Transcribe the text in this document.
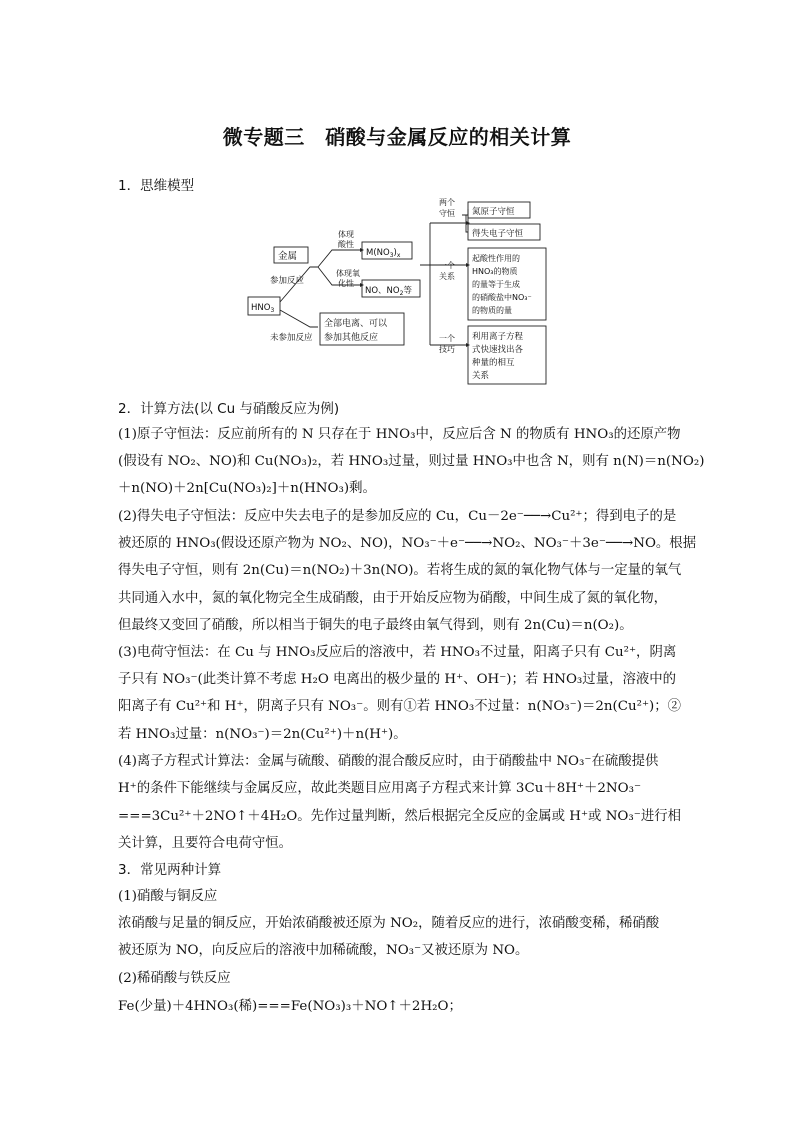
微专题三　硝酸与金属反应的相关计算
1．思维模型
金属
参加反应
$HNO_3$
未参加反应
全部电离、可以
参加其他反应
体现
酸性
$M(NO_3)_x$
体现氧
化性
NO、$NO_2$等
两个
守恒 氮原子守恒
得失电子守恒
一个
关系
起酸性作用的
HNO₃的物质
的量等于生成
的硝酸盐中NO₃⁻
的物质的量
一个
技巧
利用离子方程
式快速找出各
种量的相互
关系
2．计算方法(以 Cu 与硝酸反应为例)
(1)原子守恒法：反应前所有的 N 只存在于 HNO₃中，反应后含 N 的物质有 HNO₃的还原产物
(假设有 NO₂、NO)和 Cu(NO₃)₂，若 HNO₃过量，则过量 HNO₃中也含 N，则有 n(N)＝n(NO₂)
＋n(NO)＋2n[Cu(NO₃)₂]＋n(HNO₃)剩。
(2)得失电子守恒法：反应中失去电子的是参加反应的 Cu，Cu－2e⁻──→Cu²⁺；得到电子的是
被还原的 HNO₃(假设还原产物为 NO₂、NO)，NO₃⁻＋e⁻──→NO₂、NO₃⁻＋3e⁻──→NO。根据
得失电子守恒，则有 2n(Cu)＝n(NO₂)＋3n(NO)。若将生成的氮的氧化物气体与一定量的氧气
共同通入水中，氮的氧化物完全生成硝酸，由于开始反应物为硝酸，中间生成了氮的氧化物，
但最终又变回了硝酸，所以相当于铜失的电子最终由氧气得到，则有 2n(Cu)＝n(O₂)。
(3)电荷守恒法：在 Cu 与 HNO₃反应后的溶液中，若 HNO₃不过量，阳离子只有 Cu²⁺，阴离
子只有 NO₃⁻(此类计算不考虑 H₂O 电离出的极少量的 H⁺、OH⁻)；若 HNO₃过量，溶液中的
阳离子有 Cu²⁺和 H⁺，阴离子只有 NO₃⁻。则有①若 HNO₃不过量：n(NO₃⁻)＝2n(Cu²⁺)；②
若 HNO₃过量：n(NO₃⁻)＝2n(Cu²⁺)＋n(H⁺)。
(4)离子方程式计算法：金属与硫酸、硝酸的混合酸反应时，由于硝酸盐中 NO₃⁻在硫酸提供
H⁺的条件下能继续与金属反应，故此类题目应用离子方程式来计算 3Cu＋8H⁺＋2NO₃⁻
===3Cu²⁺＋2NO↑＋4H₂O。先作过量判断，然后根据完全反应的金属或 H⁺或 NO₃⁻进行相
关计算，且要符合电荷守恒。
3．常见两种计算
(1)硝酸与铜反应
浓硝酸与足量的铜反应，开始浓硝酸被还原为 NO₂，随着反应的进行，浓硝酸变稀，稀硝酸
被还原为 NO，向反应后的溶液中加稀硫酸，NO₃⁻又被还原为 NO。
(2)稀硝酸与铁反应
Fe(少量)＋4HNO₃(稀)===Fe(NO₃)₃＋NO↑＋2H₂O；
